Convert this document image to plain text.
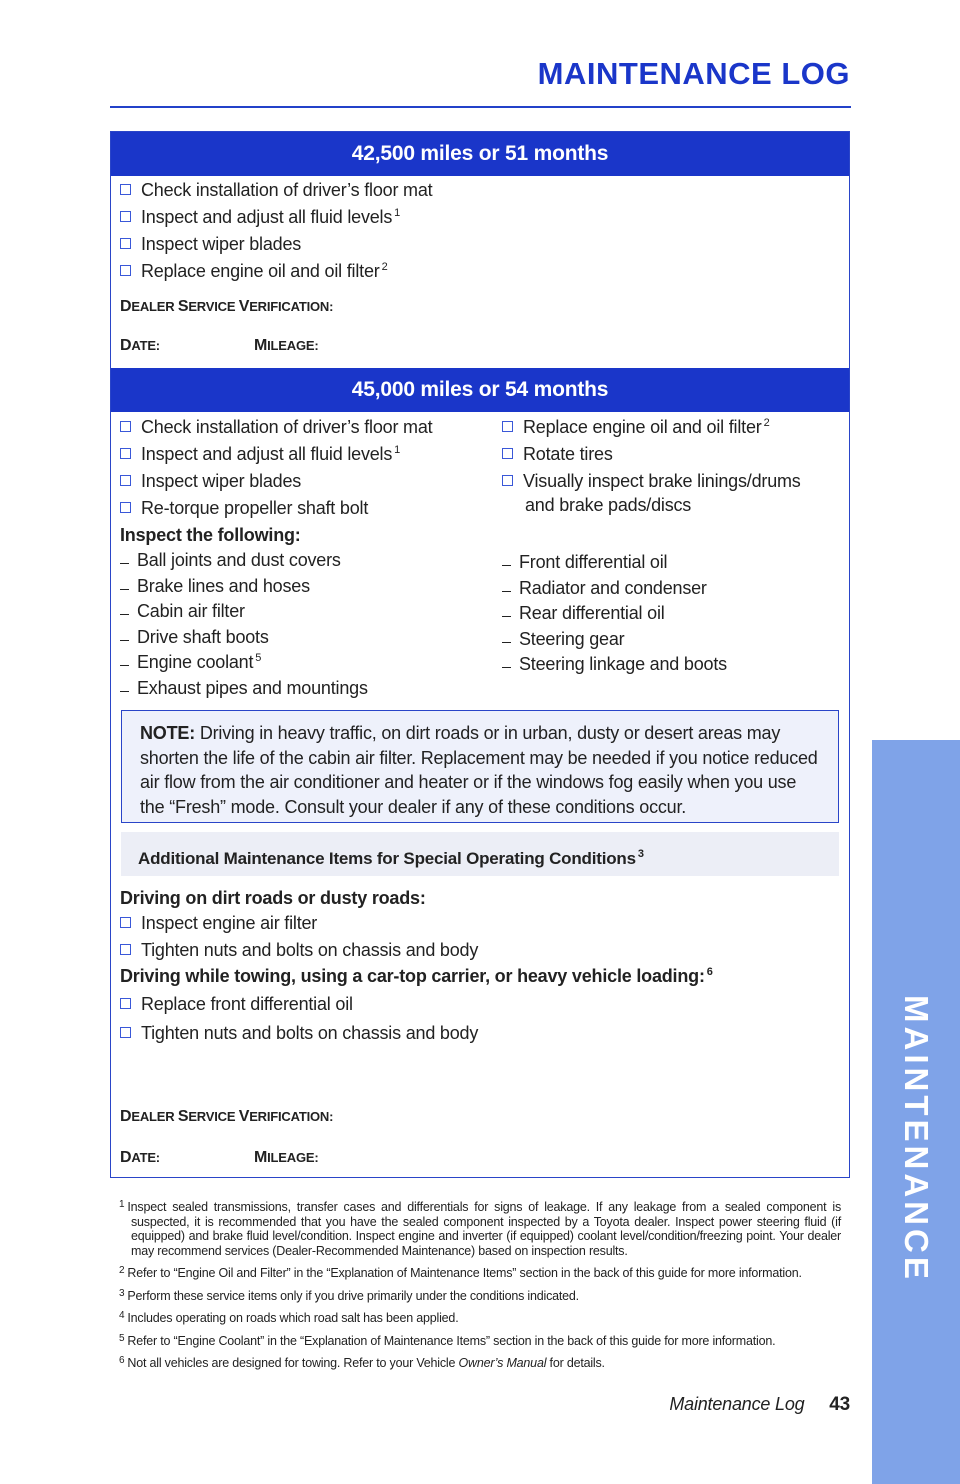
MAINTENANCE LOG
MAINTENANCE
42,500 miles or 51 months
Check installation of driver’s floor mat
Inspect and adjust all fluid levels $^1$
Inspect wiper blades
Replace engine oil and oil filter $^2$
DEALER SERVICE VERIFICATION:
DATE:	MILEAGE:
45,000 miles or 54 months
Check installation of driver’s floor mat
Inspect and adjust all fluid levels $^1$
Inspect wiper blades
Re-torque propeller shaft bolt
Replace engine oil and oil filter $^2$
Rotate tires
Visually inspect brake linings/drums
and brake pads/discs
Inspect the following:
Ball joints and dust covers
Brake lines and hoses
Cabin air filter
Drive shaft boots
Engine coolant $^5$
Exhaust pipes and mountings
Front differential oil
Radiator and condenser
Rear differential oil
Steering gear
Steering linkage and boots
NOTE: Driving in heavy traffic, on dirt roads or in urban, dusty or desert areas may shorten the life of the cabin air filter. Replacement may be needed if you notice reduced air flow from the air conditioner and heater or if the windows fog easily when you use the “Fresh” mode. Consult your dealer if any of these conditions occur.
Additional Maintenance Items for Special Operating Conditions $^3$
Driving on dirt roads or dusty roads:
Inspect engine air filter
Tighten nuts and bolts on chassis and body
Driving while towing, using a car-top carrier, or heavy vehicle loading: $^6$
Replace front differential oil
Tighten nuts and bolts on chassis and body
DEALER SERVICE VERIFICATION:
DATE:	MILEAGE:
$^1$ Inspect sealed transmissions, transfer cases and differentials for signs of leakage. If any leakage from a sealed component is suspected, it is recommended that you have the sealed component inspected by a Toyota dealer. Inspect power steering fluid (if equipped) and brake fluid level/condition. Inspect engine and inverter (if equipped) coolant level/condition/freezing point. Your dealer may recommend services (Dealer-Recommended Maintenance) based on inspection results.
$^2$ Refer to “Engine Oil and Filter” in the “Explanation of Maintenance Items” section in the back of this guide for more information.
$^3$ Perform these service items only if you drive primarily under the conditions indicated.
$^4$ Includes operating on roads which road salt has been applied.
$^5$ Refer to “Engine Coolant” in the “Explanation of Maintenance Items” section in the back of this guide for more information.
$^6$ Not all vehicles are designed for towing. Refer to your Vehicle Owner’s Manual for details.
Maintenance Log 43
